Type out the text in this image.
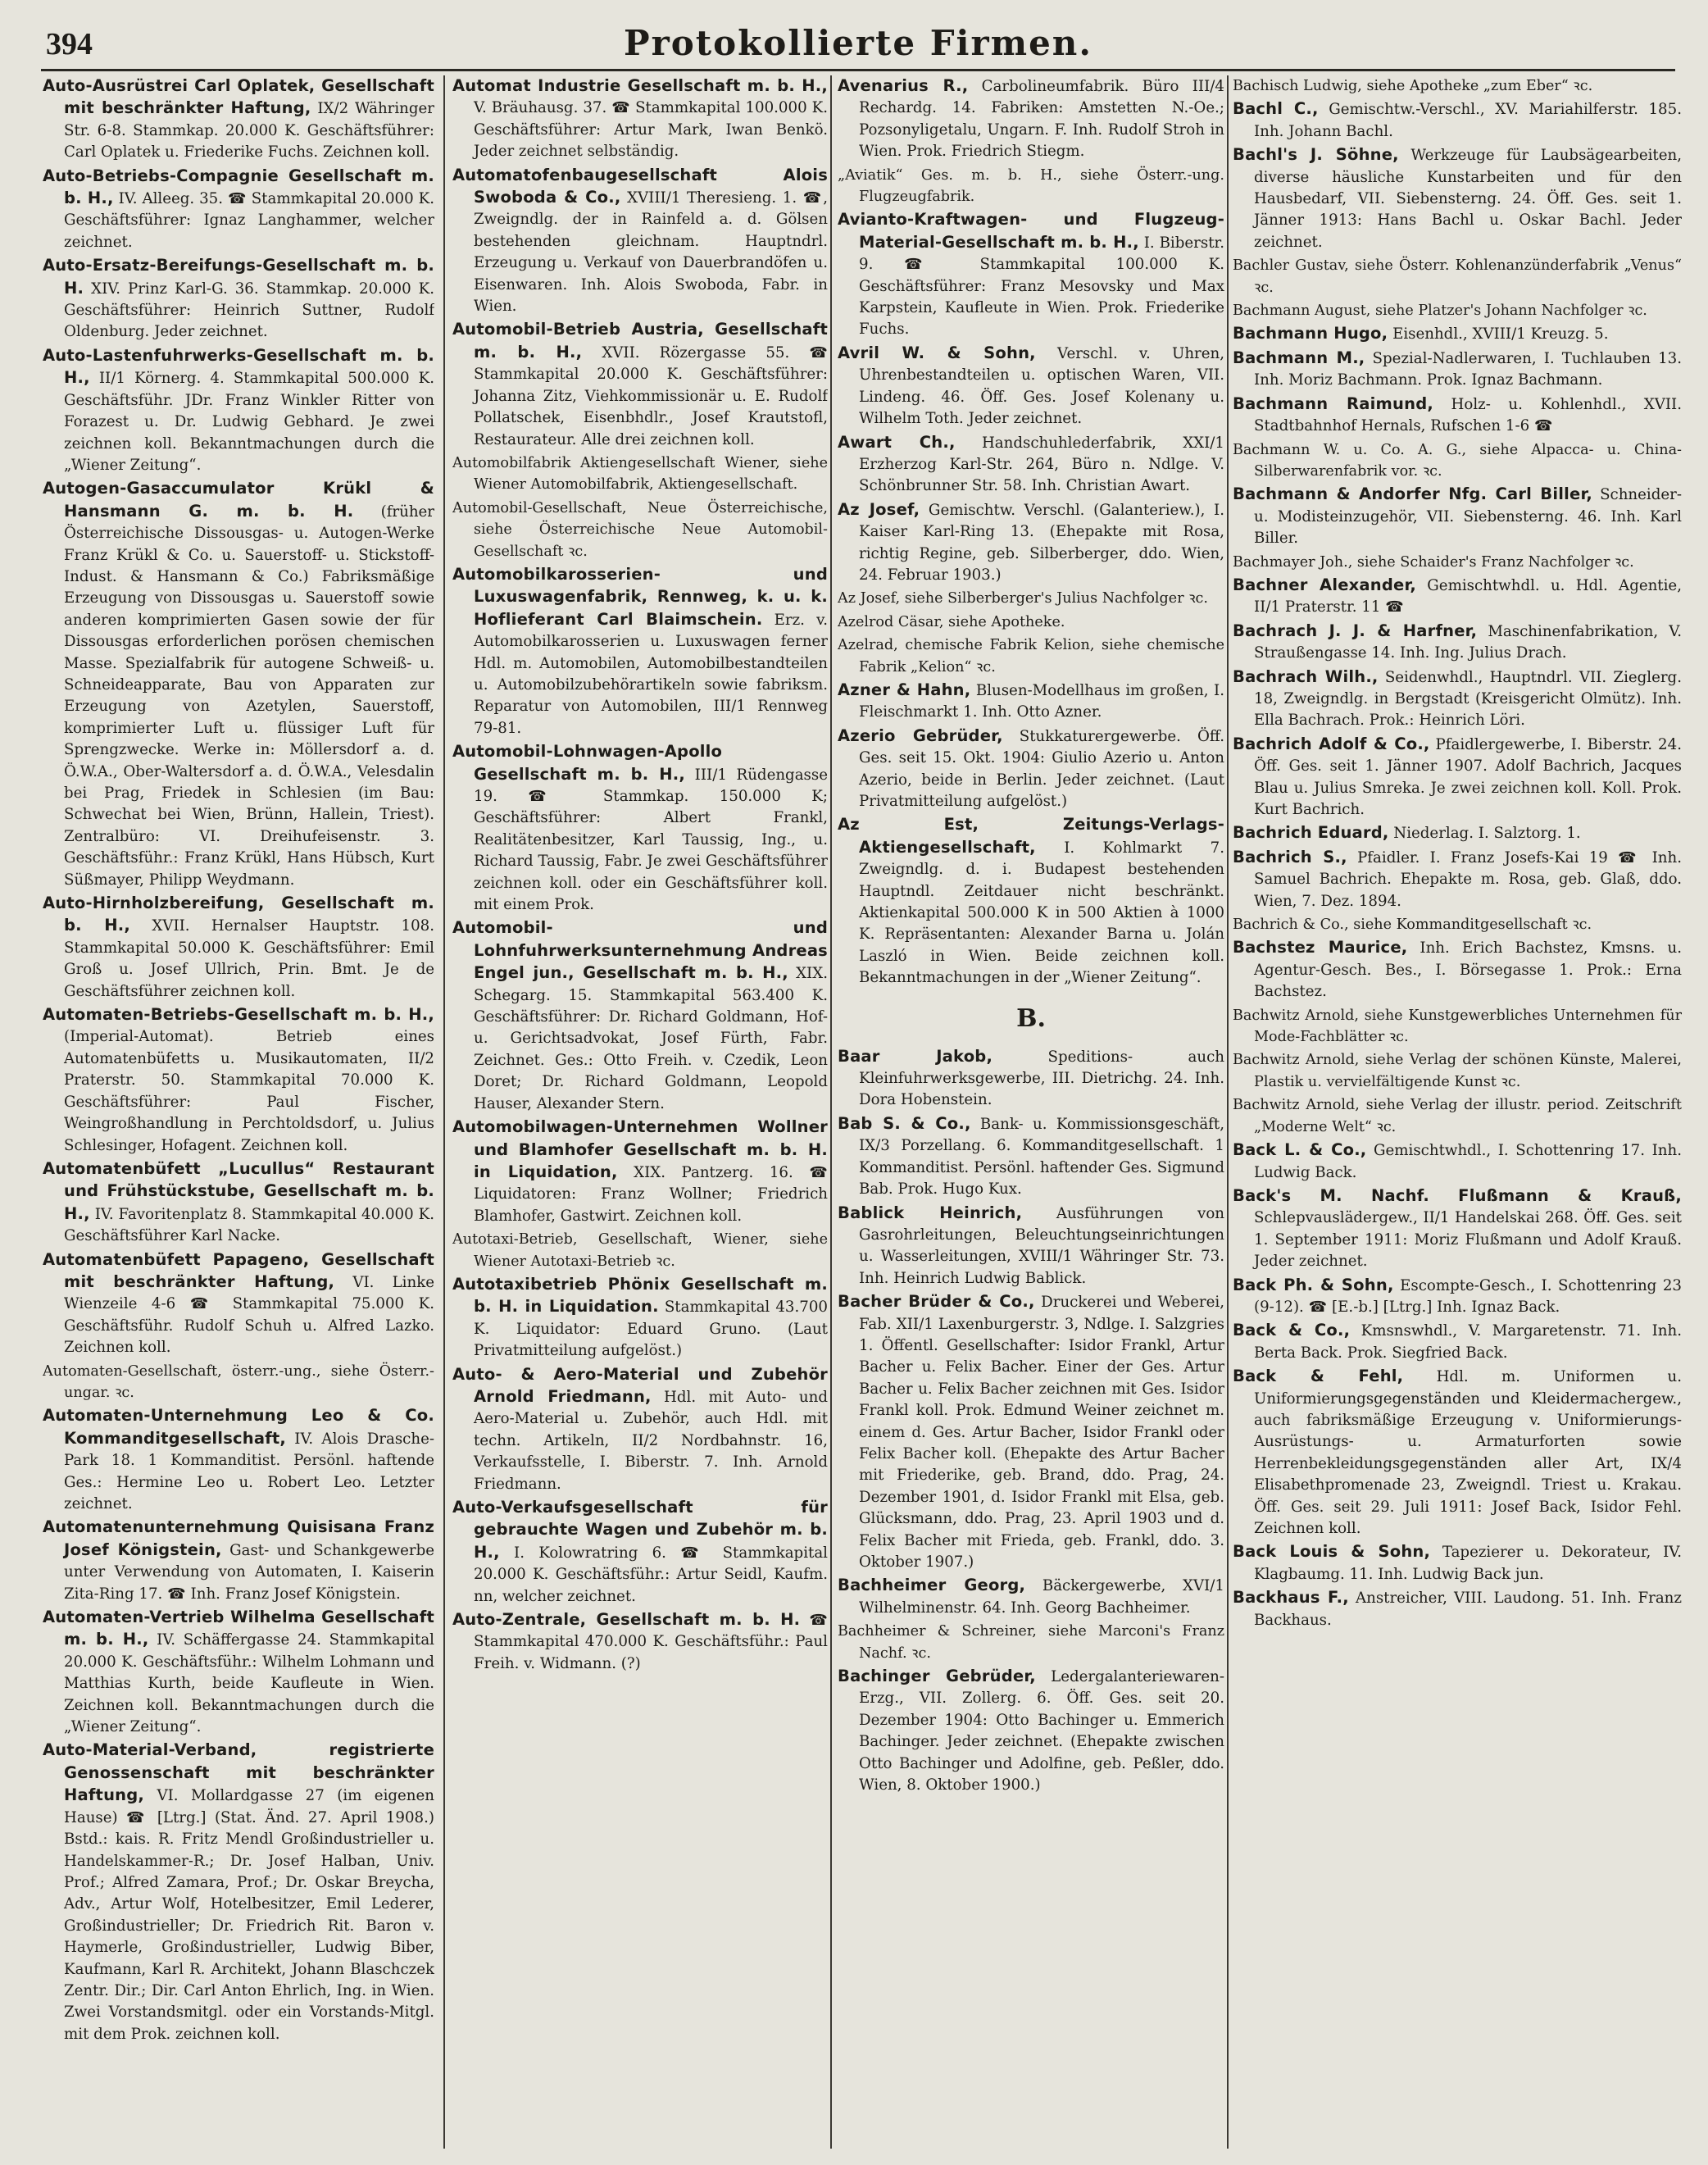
394	Protokollierte Firmen.
Auto-Ausrüstrei Carl Oplatek, Gesellschaft mit beschränkter Haftung, IX/2 Währinger Str. 6-8. Stammkap. 20.000 K. Geschäftsführer: Carl Oplatek u. Friederike Fuchs. Zeichnen koll.
Auto-Betriebs-Compagnie Gesellschaft m. b. H., IV. Alleeg. 35. ☎ Stammkapital 20.000 K. Geschäftsführer: Ignaz Langhammer, welcher zeichnet.
Auto-Ersatz-Bereifungs-Gesellschaft m. b. H. XIV. Prinz Karl-G. 36. Stammkap. 20.000 K. Geschäftsführer: Heinrich Suttner, Rudolf Oldenburg. Jeder zeichnet.
Auto-Lastenfuhrwerks-Gesellschaft m. b. H., II/1 Körnerg. 4. Stammkapital 500.000 K. Geschäftsführ. JDr. Franz Winkler Ritter von Forazest u. Dr. Ludwig Gebhard. Je zwei zeichnen koll. Bekanntmachungen durch die „Wiener Zeitung“.
Autogen-Gasaccumulator Krükl & Hansmann G. m. b. H. (früher Österreichische Dissousgas- u. Autogen-Werke Franz Krükl & Co. u. Sauerstoff- u. Stickstoff-Indust. & Hansmann & Co.) Fabriksmäßige Erzeugung von Dissousgas u. Sauerstoff sowie anderen komprimierten Gasen sowie der für Dissousgas erforderlichen porösen chemischen Masse. Spezialfabrik für autogene Schweiß- u. Schneideapparate, Bau von Apparaten zur Erzeugung von Azetylen, Sauerstoff, komprimierter Luft u. flüssiger Luft für Sprengzwecke. Werke in: Möllersdorf a. d. Ö.W.A., Ober-Waltersdorf a. d. Ö.W.A., Velesdalin bei Prag, Friedek in Schlesien (im Bau: Schwechat bei Wien, Brünn, Hallein, Triest). Zentralbüro: VI. Dreihufeisenstr. 3. Geschäftsführ.: Franz Krükl, Hans Hübsch, Kurt Süßmayer, Philipp Weydmann.
Auto-Hirnholzbereifung, Gesellschaft m. b. H., XVII. Hernalser Hauptstr. 108. Stammkapital 50.000 K. Geschäftsführer: Emil Groß u. Josef Ullrich, Prin. Bmt. Je de Geschäftsführer zeichnen koll.
Automaten-Betriebs-Gesellschaft m. b. H., (Imperial-Automat). Betrieb eines Automatenbüfetts u. Musikautomaten, II/2 Praterstr. 50. Stammkapital 70.000 K. Geschäftsführer: Paul Fischer, Weingroßhandlung in Perchtoldsdorf, u. Julius Schlesinger, Hofagent. Zeichnen koll.
Automatenbüfett „Lucullus“ Restaurant und Frühstückstube, Gesellschaft m. b. H., IV. Favoritenplatz 8. Stammkapital 40.000 K. Geschäftsführer Karl Nacke.
Automatenbüfett Papageno, Gesellschaft mit beschränkter Haftung, VI. Linke Wienzeile 4-6 ☎ Stammkapital 75.000 K. Geschäftsführ. Rudolf Schuh u. Alfred Lazko. Zeichnen koll.
Automaten-Gesellschaft, österr.-ung., siehe Österr.-ungar. ꝛc.
Automaten-Unternehmung Leo & Co. Kommanditgesellschaft, IV. Alois Drasche-Park 18. 1 Kommanditist. Persönl. haftende Ges.: Hermine Leo u. Robert Leo. Letzter zeichnet.
Automatenunternehmung Quisisana Franz Josef Königstein, Gast- und Schankgewerbe unter Verwendung von Automaten, I. Kaiserin Zita-Ring 17. ☎ Inh. Franz Josef Königstein.
Automaten-Vertrieb Wilhelma Gesellschaft m. b. H., IV. Schäffergasse 24. Stammkapital 20.000 K. Geschäftsführ.: Wilhelm Lohmann und Matthias Kurth, beide Kaufleute in Wien. Zeichnen koll. Bekanntmachungen durch die „Wiener Zeitung“.
Auto-Material-Verband, registrierte Genossenschaft mit beschränkter Haftung, VI. Mollardgasse 27 (im eigenen Hause) ☎ [Ltrg.] (Stat. Änd. 27. April 1908.) Bstd.: kais. R. Fritz Mendl Großindustrieller u. Handelskammer-R.; Dr. Josef Halban, Univ. Prof.; Alfred Zamara, Prof.; Dr. Oskar Breycha, Adv., Artur Wolf, Hotelbesitzer, Emil Lederer, Großindustrieller; Dr. Friedrich Rit. Baron v. Haymerle, Großindustrieller, Ludwig Biber, Kaufmann, Karl R. Architekt, Johann Blaschczek Zentr. Dir.; Dir. Carl Anton Ehrlich, Ing. in Wien. Zwei Vorstandsmitgl. oder ein Vorstands-Mitgl. mit dem Prok. zeichnen koll.
Automat Industrie Gesellschaft m. b. H., V. Bräuhausg. 37. ☎ Stammkapital 100.000 K. Geschäftsführer: Artur Mark, Iwan Benkö. Jeder zeichnet selbständig.
Automatofenbaugesellschaft Alois Swoboda & Co., XVIII/1 Theresieng. 1. ☎, Zweigndlg. der in Rainfeld a. d. Gölsen bestehenden gleichnam. Hauptndrl. Erzeugung u. Verkauf von Dauerbrandöfen u. Eisenwaren. Inh. Alois Swoboda, Fabr. in Wien.
Automobil-Betrieb Austria, Gesellschaft m. b. H., XVII. Rözergasse 55. ☎ Stammkapital 20.000 K. Geschäftsführer: Johanna Zitz, Viehkommissionär u. E. Rudolf Pollatschek, Eisenbhdlr., Josef Krautstofl, Restaurateur. Alle drei zeichnen koll.
Automobilfabrik Aktiengesellschaft Wiener, siehe Wiener Automobilfabrik, Aktiengesellschaft.
Automobil-Gesellschaft, Neue Österreichische, siehe Österreichische Neue Automobil-Gesellschaft ꝛc.
Automobilkarosserien- und Luxuswagenfabrik, Rennweg, k. u. k. Hoflieferant Carl Blaimschein. Erz. v. Automobilkarosserien u. Luxuswagen ferner Hdl. m. Automobilen, Automobilbestandteilen u. Automobilzubehörartikeln sowie fabriksm. Reparatur von Automobilen, III/1 Rennweg 79-81.
Automobil-Lohnwagen-Apollo Gesellschaft m. b. H., III/1 Rüdengasse 19. ☎ Stammkap. 150.000 K; Geschäftsführer: Albert Frankl, Realitätenbesitzer, Karl Taussig, Ing., u. Richard Taussig, Fabr. Je zwei Geschäftsführer zeichnen koll. oder ein Geschäftsführer koll. mit einem Prok.
Automobil- und Lohnfuhrwerksunternehmung Andreas Engel jun., Gesellschaft m. b. H., XIX. Schegarg. 15. Stammkapital 563.400 K. Geschäftsführer: Dr. Richard Goldmann, Hof- u. Gerichtsadvokat, Josef Fürth, Fabr. Zeichnet. Ges.: Otto Freih. v. Czedik, Leon Doret; Dr. Richard Goldmann, Leopold Hauser, Alexander Stern.
Automobilwagen-Unternehmen Wollner und Blamhofer Gesellschaft m. b. H. in Liquidation, XIX. Pantzerg. 16. ☎ Liquidatoren: Franz Wollner; Friedrich Blamhofer, Gastwirt. Zeichnen koll.
Autotaxi-Betrieb, Gesellschaft, Wiener, siehe Wiener Autotaxi-Betrieb ꝛc.
Autotaxibetrieb Phönix Gesellschaft m. b. H. in Liquidation. Stammkapital 43.700 K. Liquidator: Eduard Gruno. (Laut Privatmitteilung aufgelöst.)
Auto- & Aero-Material und Zubehör Arnold Friedmann, Hdl. mit Auto- und Aero-Material u. Zubehör, auch Hdl. mit techn. Artikeln, II/2 Nordbahnstr. 16, Verkaufsstelle, I. Biberstr. 7. Inh. Arnold Friedmann.
Auto-Verkaufsgesellschaft für gebrauchte Wagen und Zubehör m. b. H., I. Kolowratring 6. ☎ Stammkapital 20.000 K. Geschäftsführ.: Artur Seidl, Kaufm. nn, welcher zeichnet.
Auto-Zentrale, Gesellschaft m. b. H. ☎ Stammkapital 470.000 K. Geschäftsführ.: Paul Freih. v. Widmann. (?)
Avenarius R., Carbolineumfabrik. Büro III/4 Rechardg. 14. Fabriken: Amstetten N.-Oe.; Pozsonyligetalu, Ungarn. F. Inh. Rudolf Stroh in Wien. Prok. Friedrich Stiegm.
„Aviatik“ Ges. m. b. H., siehe Österr.-ung. Flugzeugfabrik.
Avianto-Kraftwagen- und Flugzeug-Material-Gesellschaft m. b. H., I. Biberstr. 9. ☎ Stammkapital 100.000 K. Geschäftsführer: Franz Mesovsky und Max Karpstein, Kaufleute in Wien. Prok. Friederike Fuchs.
Avril W. & Sohn, Verschl. v. Uhren, Uhrenbestandteilen u. optischen Waren, VII. Lindeng. 46. Öff. Ges. Josef Kolenany u. Wilhelm Toth. Jeder zeichnet.
Awart Ch., Handschuhlederfabrik, XXI/1 Erzherzog Karl-Str. 264, Büro n. Ndlge. V. Schönbrunner Str. 58. Inh. Christian Awart.
Az Josef, Gemischtw. Verschl. (Galanteriew.), I. Kaiser Karl-Ring 13. (Ehepakte mit Rosa, richtig Regine, geb. Silberberger, ddo. Wien, 24. Februar 1903.)
Az Josef, siehe Silberberger's Julius Nachfolger ꝛc.
Azelrod Cäsar, siehe Apotheke.
Azelrad, chemische Fabrik Kelion, siehe chemische Fabrik „Kelion“ ꝛc.
Azner & Hahn, Blusen-Modellhaus im großen, I. Fleischmarkt 1. Inh. Otto Azner.
Azerio Gebrüder, Stukkaturergewerbe. Öff. Ges. seit 15. Okt. 1904: Giulio Azerio u. Anton Azerio, beide in Berlin. Jeder zeichnet. (Laut Privatmitteilung aufgelöst.)
Az Est, Zeitungs-Verlags-Aktiengesellschaft, I. Kohlmarkt 7. Zweigndlg. d. i. Budapest bestehenden Hauptndl. Zeitdauer nicht beschränkt. Aktienkapital 500.000 K in 500 Aktien à 1000 K. Repräsentanten: Alexander Barna u. Jolán Laszló in Wien. Beide zeichnen koll. Bekanntmachungen in der „Wiener Zeitung“.
B.
Baar Jakob,	Speditions- auch Kleinfuhrwerksgewerbe, III. Dietrichg. 24. Inh. Dora Hobenstein.
Bab S. & Co., Bank- u. Kommissionsgeschäft, IX/3 Porzellang. 6. Kommanditgesellschaft. 1 Kommanditist. Persönl. haftender Ges. Sigmund Bab. Prok. Hugo Kux.
Bablick Heinrich, Ausführungen von Gasrohrleitungen, Beleuchtungseinrichtungen u. Wasserleitungen, XVIII/1 Währinger Str. 73. Inh. Heinrich Ludwig Bablick.
Bacher Brüder & Co., Druckerei und Weberei, Fab. XII/1 Laxenburgerstr. 3, Ndlge. I. Salzgries 1. Öffentl. Gesellschafter: Isidor Frankl, Artur Bacher u. Felix Bacher. Einer der Ges. Artur Bacher u. Felix Bacher zeichnen mit Ges. Isidor Frankl koll. Prok. Edmund Weiner zeichnet m. einem d. Ges. Artur Bacher, Isidor Frankl oder Felix Bacher koll. (Ehepakte des Artur Bacher mit Friederike, geb. Brand, ddo. Prag, 24. Dezember 1901, d. Isidor Frankl mit Elsa, geb. Glücksmann, ddo. Prag, 23. April 1903 und d. Felix Bacher mit Frieda, geb. Frankl, ddo. 3. Oktober 1907.)
Bachheimer Georg, Bäckergewerbe, XVI/1 Wilhelminenstr. 64. Inh. Georg Bachheimer.
Bachheimer & Schreiner, siehe Marconi's Franz Nachf. ꝛc.
Bachinger Gebrüder, Ledergalanteriewaren-Erzg., VII. Zollerg. 6. Öff. Ges. seit 20. Dezember 1904: Otto Bachinger u. Emmerich Bachinger. Jeder zeichnet. (Ehepakte zwischen Otto Bachinger und Adolfine, geb. Peßler, ddo. Wien, 8. Oktober 1900.)
Bachisch Ludwig, siehe Apotheke „zum Eber“ ꝛc.
Bachl C., Gemischtw.-Verschl., XV. Mariahilferstr. 185. Inh. Johann Bachl.
Bachl's J. Söhne, Werkzeuge für Laubsägearbeiten, diverse häusliche Kunstarbeiten und für den Hausbedarf, VII. Siebensterng. 24. Öff. Ges. seit 1. Jänner 1913: Hans Bachl u. Oskar Bachl. Jeder zeichnet.
Bachler Gustav, siehe Österr. Kohlenanzünderfabrik „Venus“ ꝛc.
Bachmann August, siehe Platzer's Johann Nachfolger ꝛc.
Bachmann Hugo, Eisenhdl., XVIII/1 Kreuzg. 5.
Bachmann M., Spezial-Nadlerwaren, I. Tuchlauben 13. Inh. Moriz Bachmann. Prok. Ignaz Bachmann.
Bachmann Raimund, Holz- u. Kohlenhdl., XVII. Stadtbahnhof Hernals, Rufschen 1-6 ☎
Bachmann W. u. Co. A. G., siehe Alpacca- u. China-Silberwarenfabrik vor. ꝛc.
Bachmann & Andorfer Nfg. Carl Biller, Schneider- u. Modisteinzugehör, VII. Siebensterng. 46. Inh. Karl Biller.
Bachmayer Joh., siehe Schaider's Franz Nachfolger ꝛc.
Bachner Alexander, Gemischtwhdl. u. Hdl. Agentie, II/1 Praterstr. 11 ☎
Bachrach J. J. & Harfner, Maschinenfabrikation, V. Straußengasse 14. Inh. Ing. Julius Drach.
Bachrach Wilh., Seidenwhdl., Hauptndrl. VII. Zieglerg. 18, Zweigndlg. in Bergstadt (Kreisgericht Olmütz). Inh. Ella Bachrach. Prok.: Heinrich Löri.
Bachrich Adolf & Co., Pfaidlergewerbe, I. Biberstr. 24. Öff. Ges. seit 1. Jänner 1907. Adolf Bachrich, Jacques Blau u. Julius Smreka. Je zwei zeichnen koll. Koll. Prok. Kurt Bachrich.
Bachrich Eduard, Niederlag. I. Salztorg. 1.
Bachrich S., Pfaidler. I. Franz Josefs-Kai 19 ☎ Inh. Samuel Bachrich. Ehepakte m. Rosa, geb. Glaß, ddo. Wien, 7. Dez. 1894.
Bachrich & Co., siehe Kommanditgesellschaft ꝛc.
Bachstez Maurice, Inh. Erich Bachstez, Kmsns. u. Agentur-Gesch. Bes., I. Börsegasse 1. Prok.: Erna Bachstez.
Bachwitz Arnold, siehe Kunstgewerbliches Unternehmen für Mode-Fachblätter ꝛc.
Bachwitz Arnold, siehe Verlag der schönen Künste, Malerei, Plastik u. vervielfältigende Kunst ꝛc.
Bachwitz Arnold, siehe Verlag der illustr. period. Zeitschrift „Moderne Welt“ ꝛc.
Back L. & Co., Gemischtwhdl., I. Schottenring 17. Inh. Ludwig Back.
Back's M. Nachf. Flußmann & Krauß, Schlepvauslädergew., II/1 Handelskai 268. Öff. Ges. seit 1. September 1911: Moriz Flußmann und Adolf Krauß. Jeder zeichnet.
Back Ph. & Sohn, Escompte-Gesch., I. Schottenring 23 (9-12). ☎ [E.-b.] [Ltrg.] Inh. Ignaz Back.
Back & Co., Kmsnswhdl., V. Margaretenstr. 71. Inh. Berta Back. Prok. Siegfried Back.
Back & Fehl, Hdl. m. Uniformen u. Uniformierungsgegenständen und Kleidermachergew., auch fabriksmäßige Erzeugung v. Uniformierungs-Ausrüstungs- u. Armaturforten sowie Herrenbekleidungsgegenständen aller Art, IX/4 Elisabethpromenade 23, Zweigndl. Triest u. Krakau. Öff. Ges. seit 29. Juli 1911: Josef Back, Isidor Fehl. Zeichnen koll.
Back Louis & Sohn, Tapezierer u. Dekorateur, IV. Klagbaumg. 11. Inh. Ludwig Back jun.
Backhaus F., Anstreicher, VIII. Laudong. 51. Inh. Franz Backhaus.
